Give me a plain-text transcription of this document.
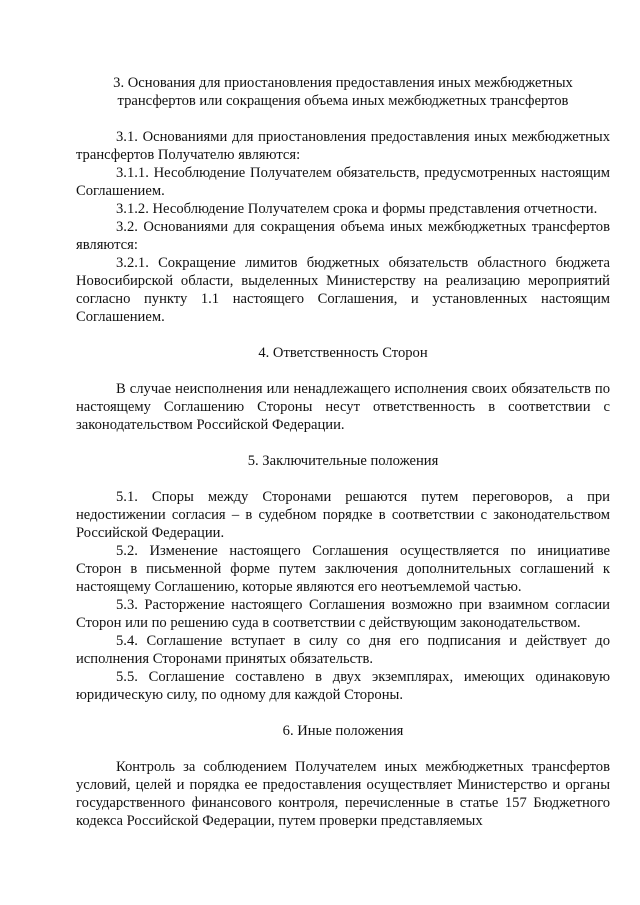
3. Основания для приостановления предоставления иных межбюджетных трансфертов или сокращения объема иных межбюджетных трансфертов

3.1. Основаниями для приостановления предоставления иных межбюджетных трансфертов Получателю являются:

3.1.1. Несоблюдение Получателем обязательств, предусмотренных настоящим Соглашением.

3.1.2. Несоблюдение Получателем срока и формы представления отчетности.

3.2. Основаниями для сокращения объема иных межбюджетных трансфертов являются:

3.2.1. Сокращение лимитов бюджетных обязательств областного бюджета Новосибирской области, выделенных Министерству на реализацию мероприятий согласно пункту 1.1 настоящего Соглашения, и установленных настоящим Соглашением.

4. Ответственность Сторон

В случае неисполнения или ненадлежащего исполнения своих обязательств по настоящему Соглашению Стороны несут ответственность в соответствии с законодательством Российской Федерации.

5. Заключительные положения

5.1. Споры между Сторонами решаются путем переговоров, а при недостижении согласия – в судебном порядке в соответствии с законодательством Российской Федерации.

5.2. Изменение настоящего Соглашения осуществляется по инициативе Сторон в письменной форме путем заключения дополнительных соглашений к настоящему Соглашению, которые являются его неотъемлемой частью.

5.3. Расторжение настоящего Соглашения возможно при взаимном согласии Сторон или по решению суда в соответствии с действующим законодательством.

5.4. Соглашение вступает в силу со дня его подписания и действует до исполнения Сторонами принятых обязательств.

5.5. Соглашение составлено в двух экземплярах, имеющих одинаковую юридическую силу, по одному для каждой Стороны.

6. Иные положения

Контроль за соблюдением Получателем иных межбюджетных трансфертов условий, целей и порядка ее предоставления осуществляет Министерство и органы государственного финансового контроля, перечисленные в статье 157 Бюджетного кодекса Российской Федерации, путем проверки представляемых
